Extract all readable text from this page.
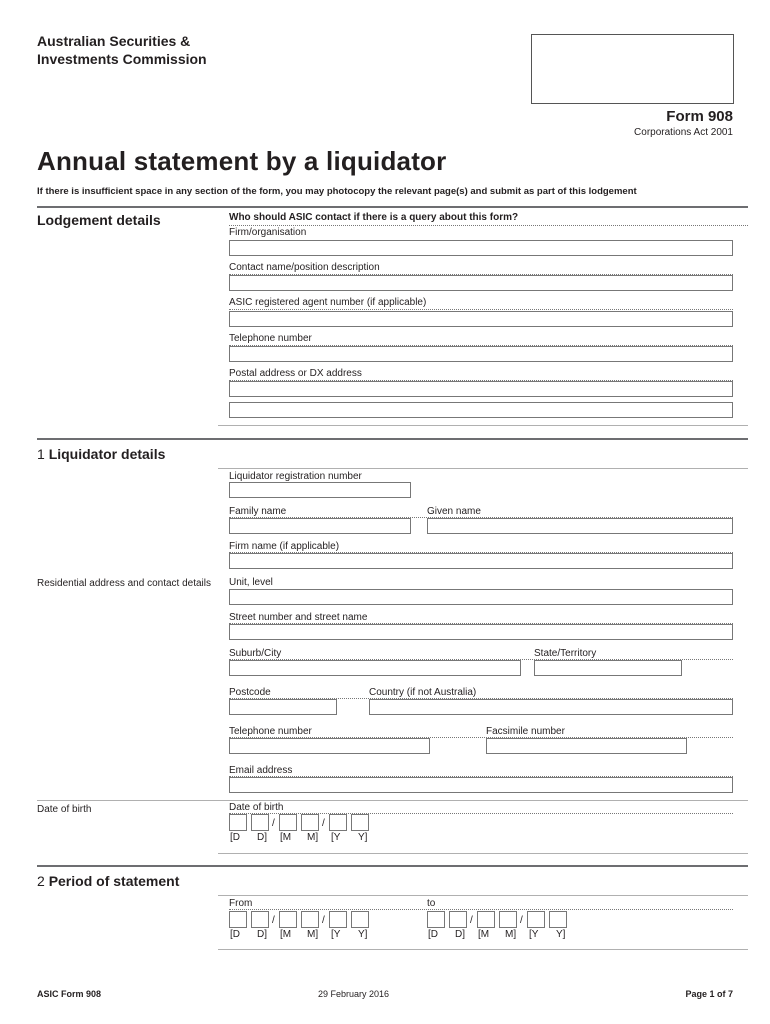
Australian Securities &
Investments Commission
Form 908
Corporations Act 2001
Annual statement by a liquidator
If there is insufficient space in any section of the form, you may photocopy the relevant page(s) and submit as part of this lodgement
Lodgement details	Who should ASIC contact if there is a query about this form?
Firm/organisation
Contact name/position description
ASIC registered agent number (if applicable)
Telephone number
Postal address or DX address
1 Liquidator details
Liquidator registration number
Family name	Given name
Firm name (if applicable)
Residential address and contact details Unit, level
Street number and street name
Suburb/City	State/Territory
Postcode	Country (if not Australia)
Telephone number	Facsimile number
Email address
Date of birth	Date of birth
/	/
[D D] [M M] [Y Y]
2 Period of statement
From	to
/	/
[D D] [M M] [Y Y]
/	/
[D D] [M M] [Y Y]
ASIC Form 908	29 February 2016	Page 1 of 7
